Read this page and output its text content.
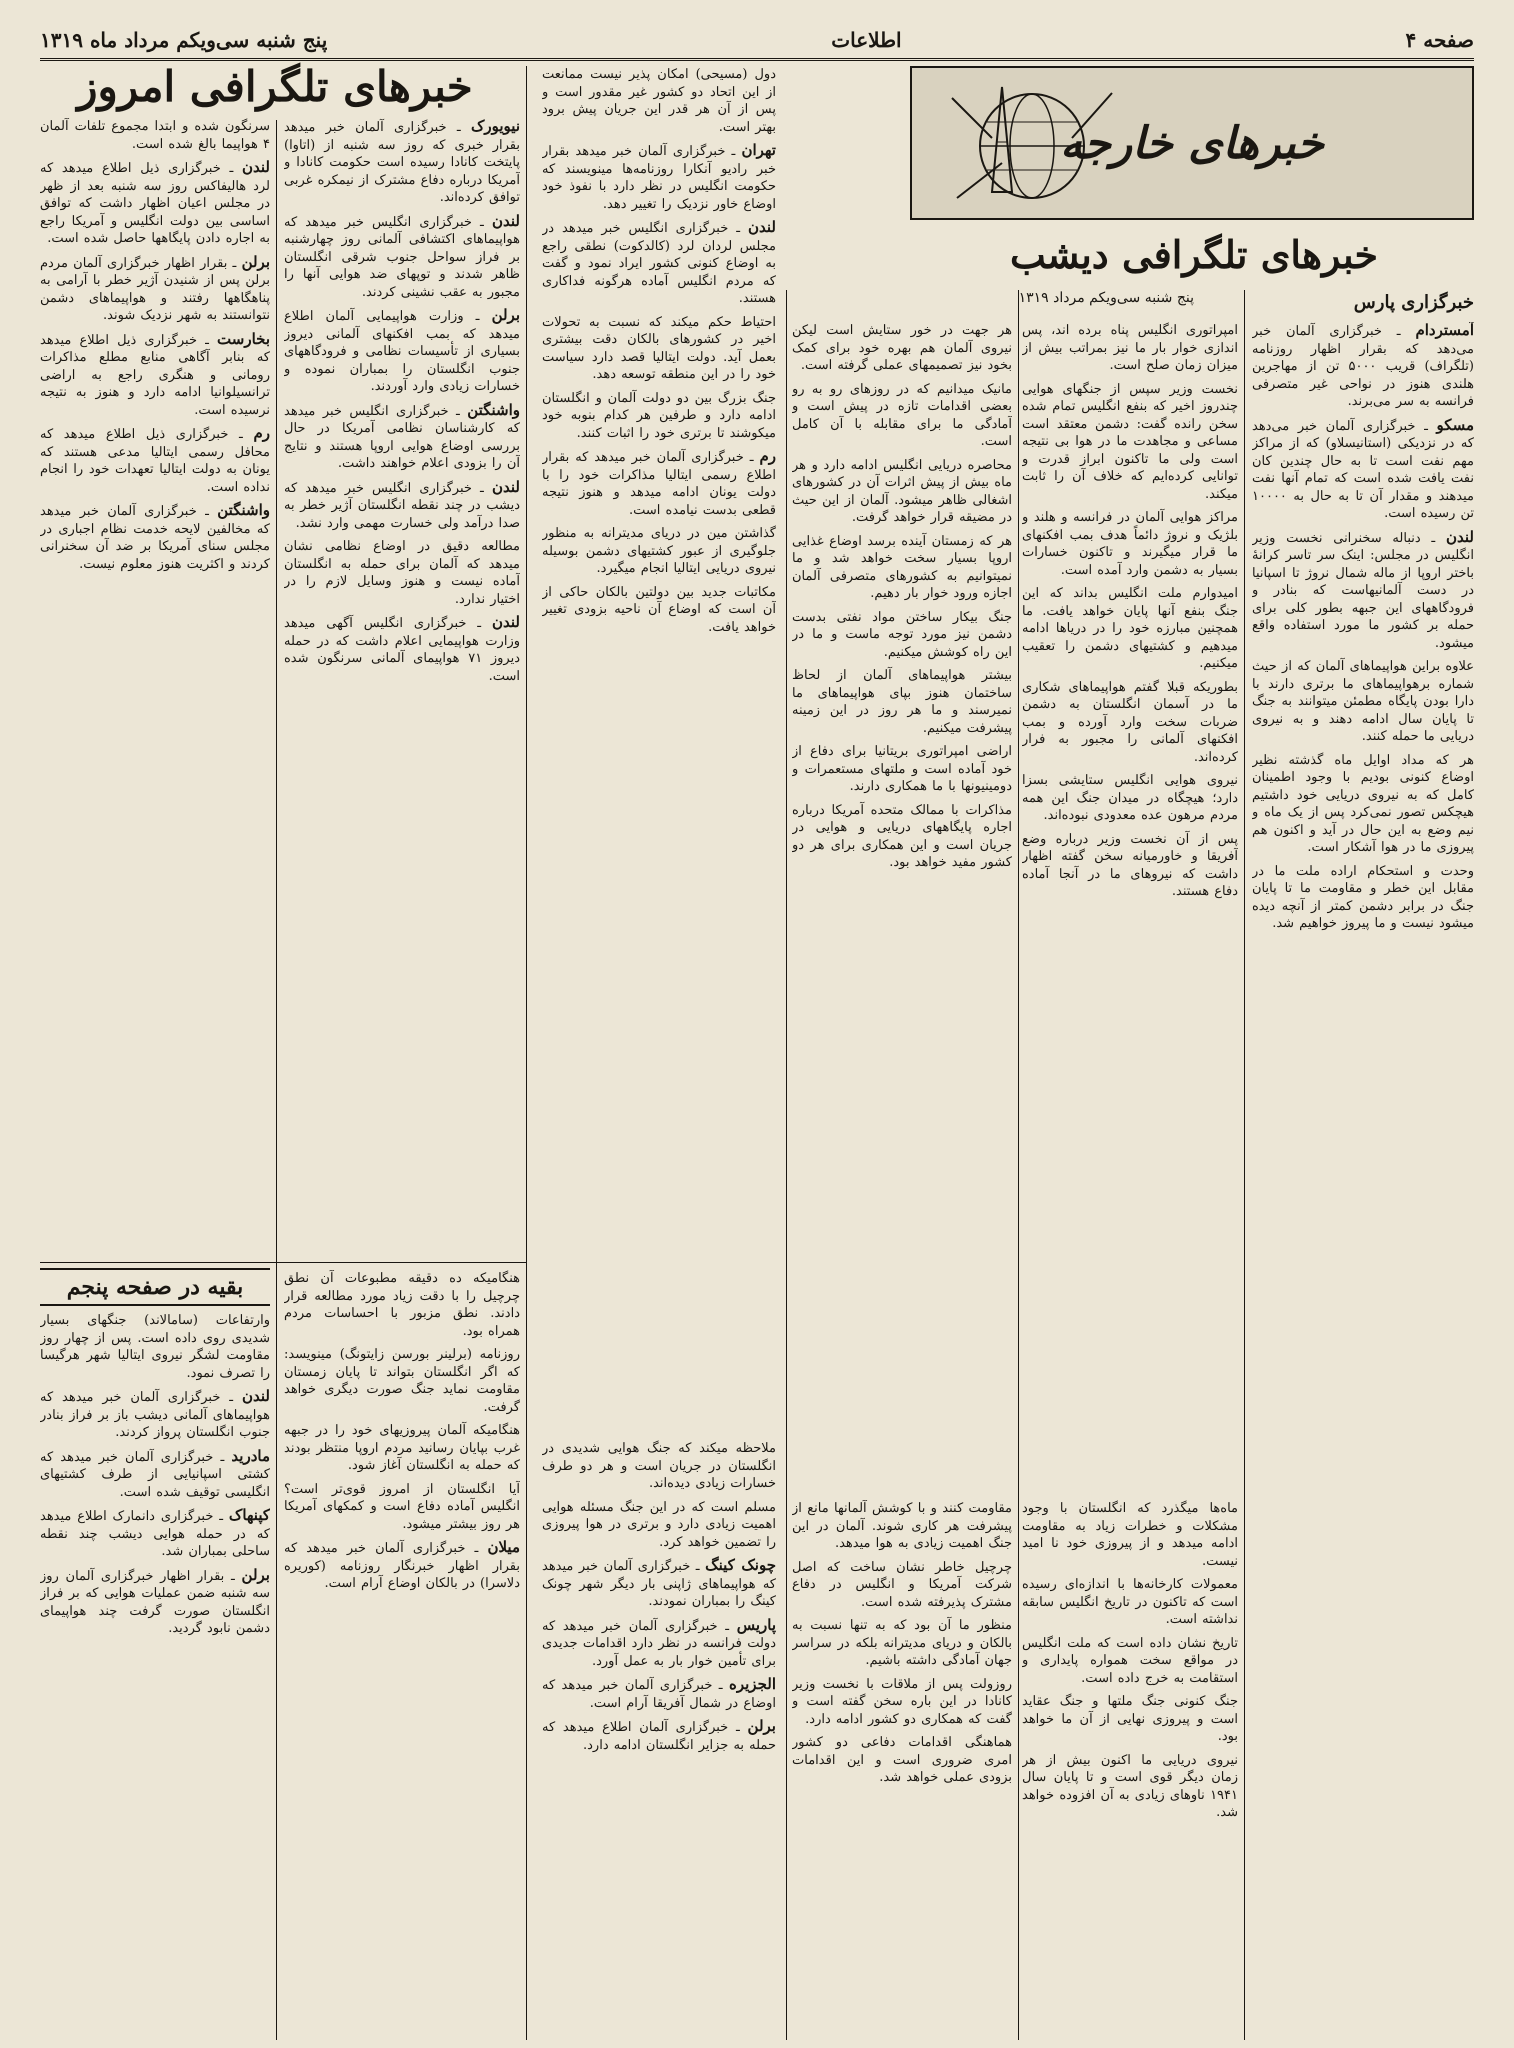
صفحه ۴
اطلاعات
پنج شنبه سی‌ویکم مرداد ماه ۱۳۱۹
خبرهای خارجه
خبرهای تلگرافی دیشب
خبرگزاری پارس
پنج شنبه سی‌ویکم مرداد ۱۳۱۹
خبرهای تلگرافی امروز

آمستردام ـ خبرگزاری آلمان خبر می‌دهد که بقرار اظهار روزنامه (تلگراف) قریب ۵۰۰۰ تن از مهاجرین هلندی هنوز در نواحی غیر متصرفی فرانسه به سر می‌برند.

مسکو ـ خبرگزاری آلمان خبر می‌دهد که در نزدیکی (استانیسلاو) که از مراکز مهم نفت است تا به حال چندین کان نفت یافت شده است که تمام آنها نفت میدهند و مقدار آن تا به حال به ۱۰۰۰۰ تن رسیده است.

لندن ـ دنباله سخنرانی نخست وزیر انگلیس در مجلس: اینک سر تاسر کرانهٔ باختر اروپا از ماله شمال نروژ تا اسپانیا در دست آلمانیهاست که بنادر و فرودگاههای این جبهه بطور کلی برای حمله بر کشور ما مورد استفاده واقع میشود.

علاوه براین هواپیماهای آلمان که از حیث شماره برهواپیماهای ما برتری دارند با دارا بودن پایگاه مطمئن میتوانند به جنگ تا پایان سال ادامه دهند و به نیروی دریایی ما حمله کنند.

هر که مداد اوایل ماه گذشته نظیر اوضاع کنونی بودیم با وجود اطمینان کامل که به نیروی دریایی خود داشتیم هیچکس تصور نمی‌کرد پس از یک ماه و نیم وضع به این حال در آید و اکنون هم پیروزی ما در هوا آشکار است.

وحدت و استحکام اراده ملت ما در مقابل این خطر و مقاومت ما تا پایان جنگ در برابر دشمن کمتر از آنچه دیده میشود نیست و ما پیروز خواهیم شد.

امپراتوری انگلیس پناه برده اند، پس اندازی خوار بار ما نیز بمراتب بیش از میزان زمان صلح است.

نخست وزیر سپس از جنگهای هوایی چندروز اخیر که بنفع انگلیس تمام شده سخن رانده گفت: دشمن معتقد است مساعی و مجاهدت ما در هوا بی نتیجه است ولی ما تاکنون ابراز قدرت و توانایی کرده‌ایم که خلاف آن را ثابت میکند.

مراکز هوایی آلمان در فرانسه و هلند و بلژیک و نروژ دائماً هدف بمب افکنهای ما قرار میگیرند و تاکنون خسارات بسیار به دشمن وارد آمده است.

امیدوارم ملت انگلیس بداند که این جنگ بنفع آنها پایان خواهد یافت. ما همچنین مبارزه خود را در دریاها ادامه میدهیم و کشتیهای دشمن را تعقیب میکنیم.

بطوریکه قبلا گفتم هواپیماهای شکاری ما در آسمان انگلستان به دشمن ضربات سخت وارد آورده و بمب افکنهای آلمانی را مجبور به فرار کرده‌اند.

نیروی هوایی انگلیس ستایشی بسزا دارد؛ هیچگاه در میدان جنگ این همه مردم مرهون عده معدودی نبوده‌اند.

پس از آن نخست وزیر درباره وضع آفریقا و خاورمیانه سخن گفته اظهار داشت که نیروهای ما در آنجا آماده دفاع هستند.

هر جهت در خور ستایش است لیکن نیروی آلمان هم بهره خود برای کمک بخود نیز تصمیمهای عملی گرفته است.

مانیک میدانیم که در روزهای رو به رو بعضی اقدامات تازه در پیش است و آمادگی ما برای مقابله با آن کامل است.

محاصره دریایی انگلیس ادامه دارد و هر ماه بیش از پیش اثرات آن در کشورهای اشغالی ظاهر میشود. آلمان از این حیث در مضیقه قرار خواهد گرفت.

هر که زمستان آینده برسد اوضاع غذایی اروپا بسیار سخت خواهد شد و ما نمیتوانیم به کشورهای متصرفی آلمان اجازه ورود خوار بار دهیم.

جنگ بیکار ساختن مواد نفتی بدست دشمن نیز مورد توجه ماست و ما در این راه کوشش میکنیم.

بیشتر هواپیماهای آلمان از لحاظ ساختمان هنوز بپای هواپیماهای ما نمیرسند و ما هر روز در این زمینه پیشرفت میکنیم.

اراضی امپراتوری بریتانیا برای دفاع از خود آماده است و ملتهای مستعمرات و دومینیونها با ما همکاری دارند.

مذاکرات با ممالک متحده آمریکا درباره اجاره پایگاههای دریایی و هوایی در جریان است و این همکاری برای هر دو کشور مفید خواهد بود.

دول (مسیحی) امکان پذیر نیست ممانعت از این اتحاد دو کشور غیر مقدور است و پس از آن هر قدر این جریان پیش برود بهتر است.

تهران ـ خبرگزاری آلمان خبر میدهد بقرار خبر رادیو آنکارا روزنامه‌ها مینویسند که حکومت انگلیس در نظر دارد با نفوذ خود اوضاع خاور نزدیک را تغییر دهد.

لندن ـ خبرگزاری انگلیس خبر میدهد در مجلس لردان لرد (کالدکوت) نطقی راجع به اوضاع کنونی کشور ایراد نمود و گفت که مردم انگلیس آماده هرگونه فداکاری هستند.

احتیاط حکم میکند که نسبت به تحولات اخیر در کشورهای بالکان دقت بیشتری بعمل آید. دولت ایتالیا قصد دارد سیاست خود را در این منطقه توسعه دهد.

جنگ بزرگ بین دو دولت آلمان و انگلستان ادامه دارد و طرفین هر کدام بنوبه خود میکوشند تا برتری خود را اثبات کنند.

رم ـ خبرگزاری آلمان خبر میدهد که بقرار اطلاع رسمی ایتالیا مذاکرات خود را با دولت یونان ادامه میدهد و هنوز نتیجه قطعی بدست نیامده است.

گذاشتن مین در دریای مدیترانه به منظور جلوگیری از عبور کشتیهای دشمن بوسیله نیروی دریایی ایتالیا انجام میگیرد.

مکاتبات جدید بین دولتین بالکان حاکی از آن است که اوضاع آن ناحیه بزودی تغییر خواهد یافت.

نیویورک ـ خبرگزاری آلمان خبر میدهد بقرار خبری که روز سه شنبه از (اتاوا) پایتخت کانادا رسیده است حکومت کانادا و آمریکا درباره دفاع مشترک از نیمکره غربی توافق کرده‌اند.

لندن ـ خبرگزاری انگلیس خبر میدهد که هواپیماهای اکتشافی آلمانی روز چهارشنبه بر فراز سواحل جنوب شرقی انگلستان ظاهر شدند و توپهای ضد هوایی آنها را مجبور به عقب نشینی کردند.

برلن ـ وزارت هواپیمایی آلمان اطلاع میدهد که بمب افکنهای آلمانی دیروز بسیاری از تأسیسات نظامی و فرودگاههای جنوب انگلستان را بمباران نموده و خسارات زیادی وارد آوردند.

واشنگتن ـ خبرگزاری انگلیس خبر میدهد که کارشناسان نظامی آمریکا در حال بررسی اوضاع هوایی اروپا هستند و نتایج آن را بزودی اعلام خواهند داشت.

لندن ـ خبرگزاری انگلیس خبر میدهد که دیشب در چند نقطه انگلستان آژیر خطر به صدا درآمد ولی خسارت مهمی وارد نشد.

مطالعه دقیق در اوضاع نظامی نشان میدهد که آلمان برای حمله به انگلستان آماده نیست و هنوز وسایل لازم را در اختیار ندارد.

لندن ـ خبرگزاری انگلیس آگهی میدهد وزارت هواپیمایی اعلام داشت که در حمله دیروز ۷۱ هواپیمای آلمانی سرنگون شده است.

سرنگون شده و ابتدا مجموع تلفات آلمان ۴ هواپیما بالغ شده است.

لندن ـ خبرگزاری ذیل اطلاع میدهد که لرد هالیفاکس روز سه شنبه بعد از ظهر در مجلس اعیان اظهار داشت که توافق اساسی بین دولت انگلیس و آمریکا راجع به اجاره دادن پایگاهها حاصل شده است.

برلن ـ بقرار اظهار خبرگزاری آلمان مردم برلن پس از شنیدن آژیر خطر با آرامی به پناهگاهها رفتند و هواپیماهای دشمن نتوانستند به شهر نزدیک شوند.

بخارست ـ خبرگزاری ذیل اطلاع میدهد که بنابر آگاهی منابع مطلع مذاکرات رومانی و هنگری راجع به اراضی ترانسیلوانیا ادامه دارد و هنوز به نتیجه نرسیده است.

رم ـ خبرگزاری ذیل اطلاع میدهد که محافل رسمی ایتالیا مدعی هستند که یونان به دولت ایتالیا تعهدات خود را انجام نداده است.

واشنگتن ـ خبرگزاری آلمان خبر میدهد که مخالفین لایحه خدمت نظام اجباری در مجلس سنای آمریکا بر ضد آن سخنرانی کردند و اکثریت هنوز معلوم نیست.

بقیه در صفحه پنجم

وارتفاعات (سامالاند) جنگهای بسیار شدیدی روی داده است. پس از چهار روز مقاومت لشگر نیروی ایتالیا شهر هرگیسا را تصرف نمود.

لندن ـ خبرگزاری آلمان خبر میدهد که هواپیماهای آلمانی دیشب باز بر فراز بنادر جنوب انگلستان پرواز کردند.

مادرید ـ خبرگزاری آلمان خبر میدهد که کشتی اسپانیایی از طرف کشتیهای انگلیسی توقیف شده است.

کپنهاک ـ خبرگزاری دانمارک اطلاع میدهد که در حمله هوایی دیشب چند نقطه ساحلی بمباران شد.

برلن ـ بقرار اظهار خبرگزاری آلمان روز سه شنبه ضمن عملیات هوایی که بر فراز انگلستان صورت گرفت چند هواپیمای دشمن نابود گردید.

هنگامیکه ده دقیقه مطبوعات آن نطق چرچیل را با دقت زیاد مورد مطالعه قرار دادند. نطق مزبور با احساسات مردم همراه بود.

روزنامه (برلینر بورسن زایتونگ) مینویسد: که اگر انگلستان بتواند تا پایان زمستان مقاومت نماید جنگ صورت دیگری خواهد گرفت.

هنگامیکه آلمان پیروزیهای خود را در جبهه غرب بپایان رسانید مردم اروپا منتظر بودند که حمله به انگلستان آغاز شود.

آیا انگلستان از امروز قوی‌تر است؟ انگلیس آماده دفاع است و کمکهای آمریکا هر روز بیشتر میشود.

میلان ـ خبرگزاری آلمان خبر میدهد که بقرار اظهار خبرنگار روزنامه (کوریره دلاسرا) در بالکان اوضاع آرام است.

ملاحظه میکند که جنگ هوایی شدیدی در انگلستان در جریان است و هر دو طرف خسارات زیادی دیده‌اند.

مسلم است که در این جنگ مسئله هوایی اهمیت زیادی دارد و برتری در هوا پیروزی را تضمین خواهد کرد.

چونک کینگ ـ خبرگزاری آلمان خبر میدهد که هواپیماهای ژاپنی بار دیگر شهر چونک کینگ را بمباران نمودند.

پاریس ـ خبرگزاری آلمان خبر میدهد که دولت فرانسه در نظر دارد اقدامات جدیدی برای تأمین خوار بار به عمل آورد.

الجزیره ـ خبرگزاری آلمان خبر میدهد که اوضاع در شمال آفریقا آرام است.

برلن ـ خبرگزاری آلمان اطلاع میدهد که حمله به جزایر انگلستان ادامه دارد.

مقاومت کنند و با کوشش آلمانها مانع از پیشرفت هر کاری شوند. آلمان در این جنگ اهمیت زیادی به هوا میدهد.

چرچیل خاطر نشان ساخت که اصل شرکت آمریکا و انگلیس در دفاع مشترک پذیرفته شده است.

منظور ما آن بود که به تنها نسبت به بالکان و دریای مدیترانه بلکه در سراسر جهان آمادگی داشته باشیم.

روزولت پس از ملاقات با نخست وزیر کانادا در این باره سخن گفته است و گفت که همکاری دو کشور ادامه دارد.

هماهنگی اقدامات دفاعی دو کشور امری ضروری است و این اقدامات بزودی عملی خواهد شد.

ماه‌ها میگذرد که انگلستان با وجود مشکلات و خطرات زیاد به مقاومت ادامه میدهد و از پیروزی خود نا امید نیست.

معمولات کارخانه‌ها با اندازه‌ای رسیده است که تاکنون در تاریخ انگلیس سابقه نداشته است.

تاریخ نشان داده است که ملت انگلیس در مواقع سخت همواره پایداری و استقامت به خرج داده است.

جنگ کنونی جنگ ملتها و جنگ عقاید است و پیروزی نهایی از آن ما خواهد بود.

نیروی دریایی ما اکنون بیش از هر زمان دیگر قوی است و تا پایان سال ۱۹۴۱ ناوهای زیادی به آن افزوده خواهد شد.
